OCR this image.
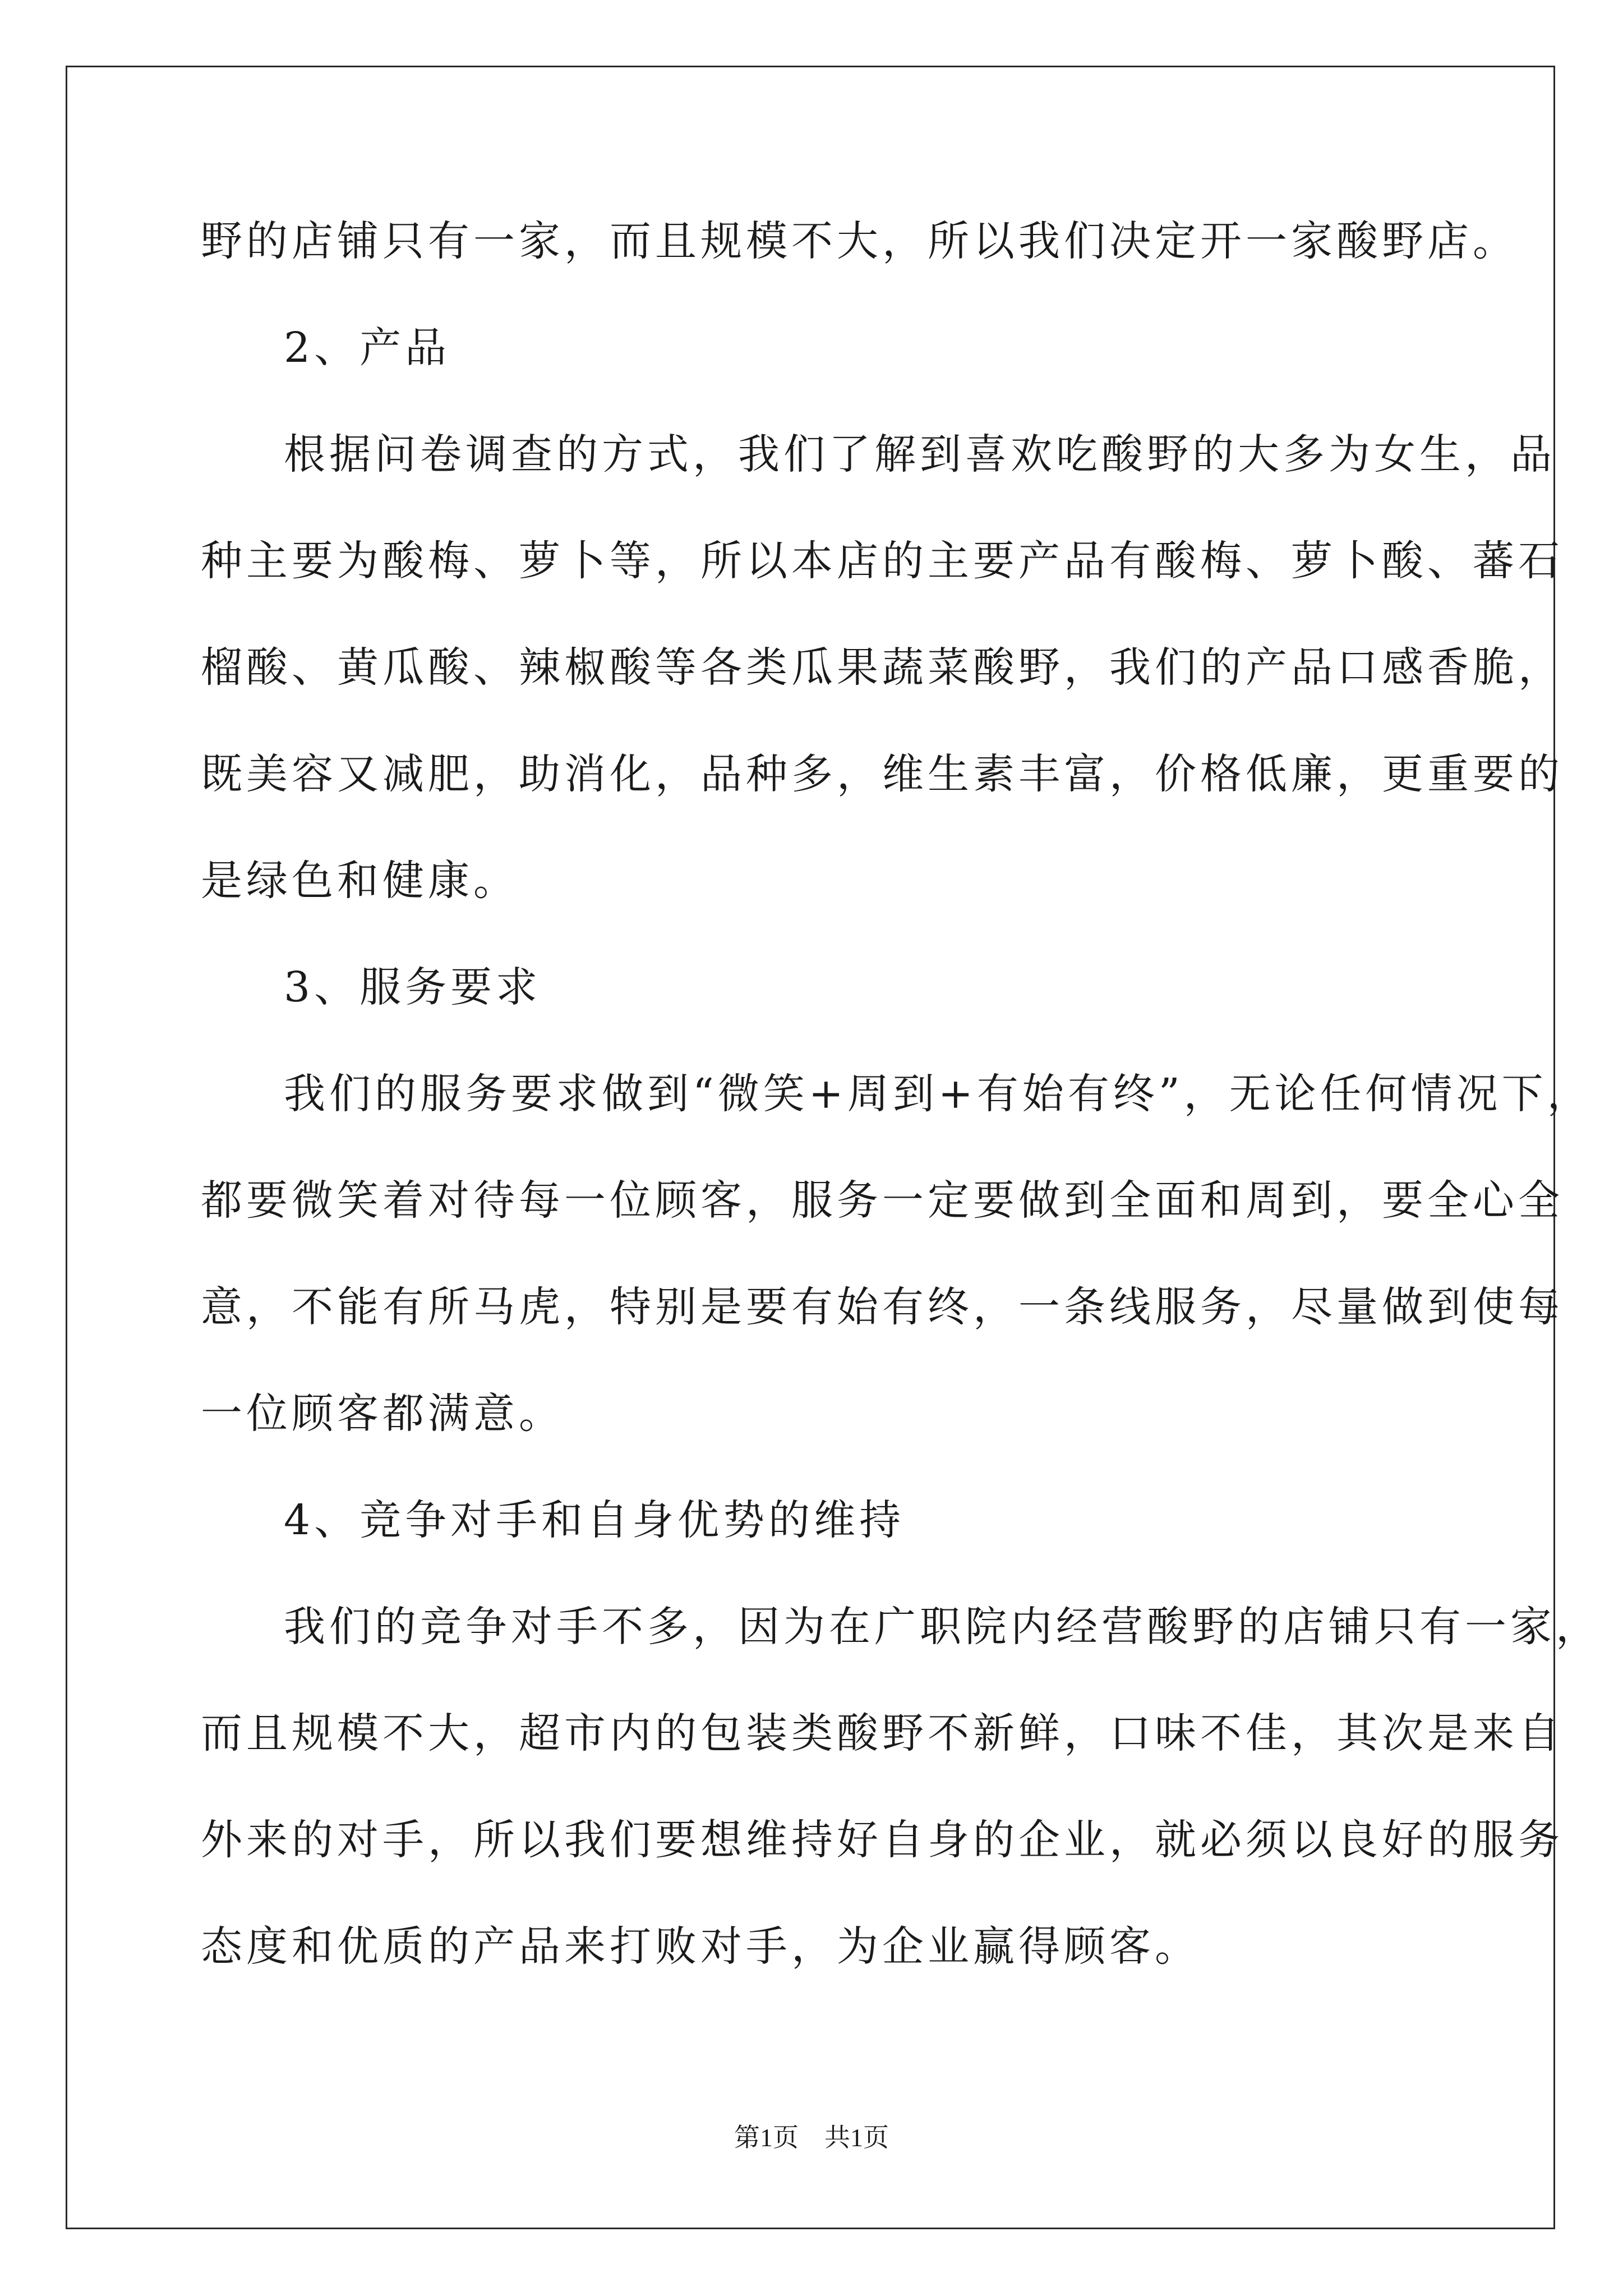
野的店铺只有一家，而且规模不大，所以我们决定开一家酸野店。
2、产品
根据问卷调查的方式，我们了解到喜欢吃酸野的大多为女生，品
种主要为酸梅、萝卜等，所以本店的主要产品有酸梅、萝卜酸、蕃石
榴酸、黄瓜酸、辣椒酸等各类瓜果蔬菜酸野，我们的产品口感香脆，
既美容又减肥，助消化，品种多，维生素丰富，价格低廉，更重要的
是绿色和健康。
3、服务要求
我们的服务要求做到“微笑+周到+有始有终”，无论任何情况下，
都要微笑着对待每一位顾客，服务一定要做到全面和周到，要全心全
意，不能有所马虎，特别是要有始有终，一条线服务，尽量做到使每
一位顾客都满意。
4、竞争对手和自身优势的维持
我们的竞争对手不多，因为在广职院内经营酸野的店铺只有一家，
而且规模不大，超市内的包装类酸野不新鲜，口味不佳，其次是来自
外来的对手，所以我们要想维持好自身的企业，就必须以良好的服务
态度和优质的产品来打败对手，为企业赢得顾客。
第1页 共1页
